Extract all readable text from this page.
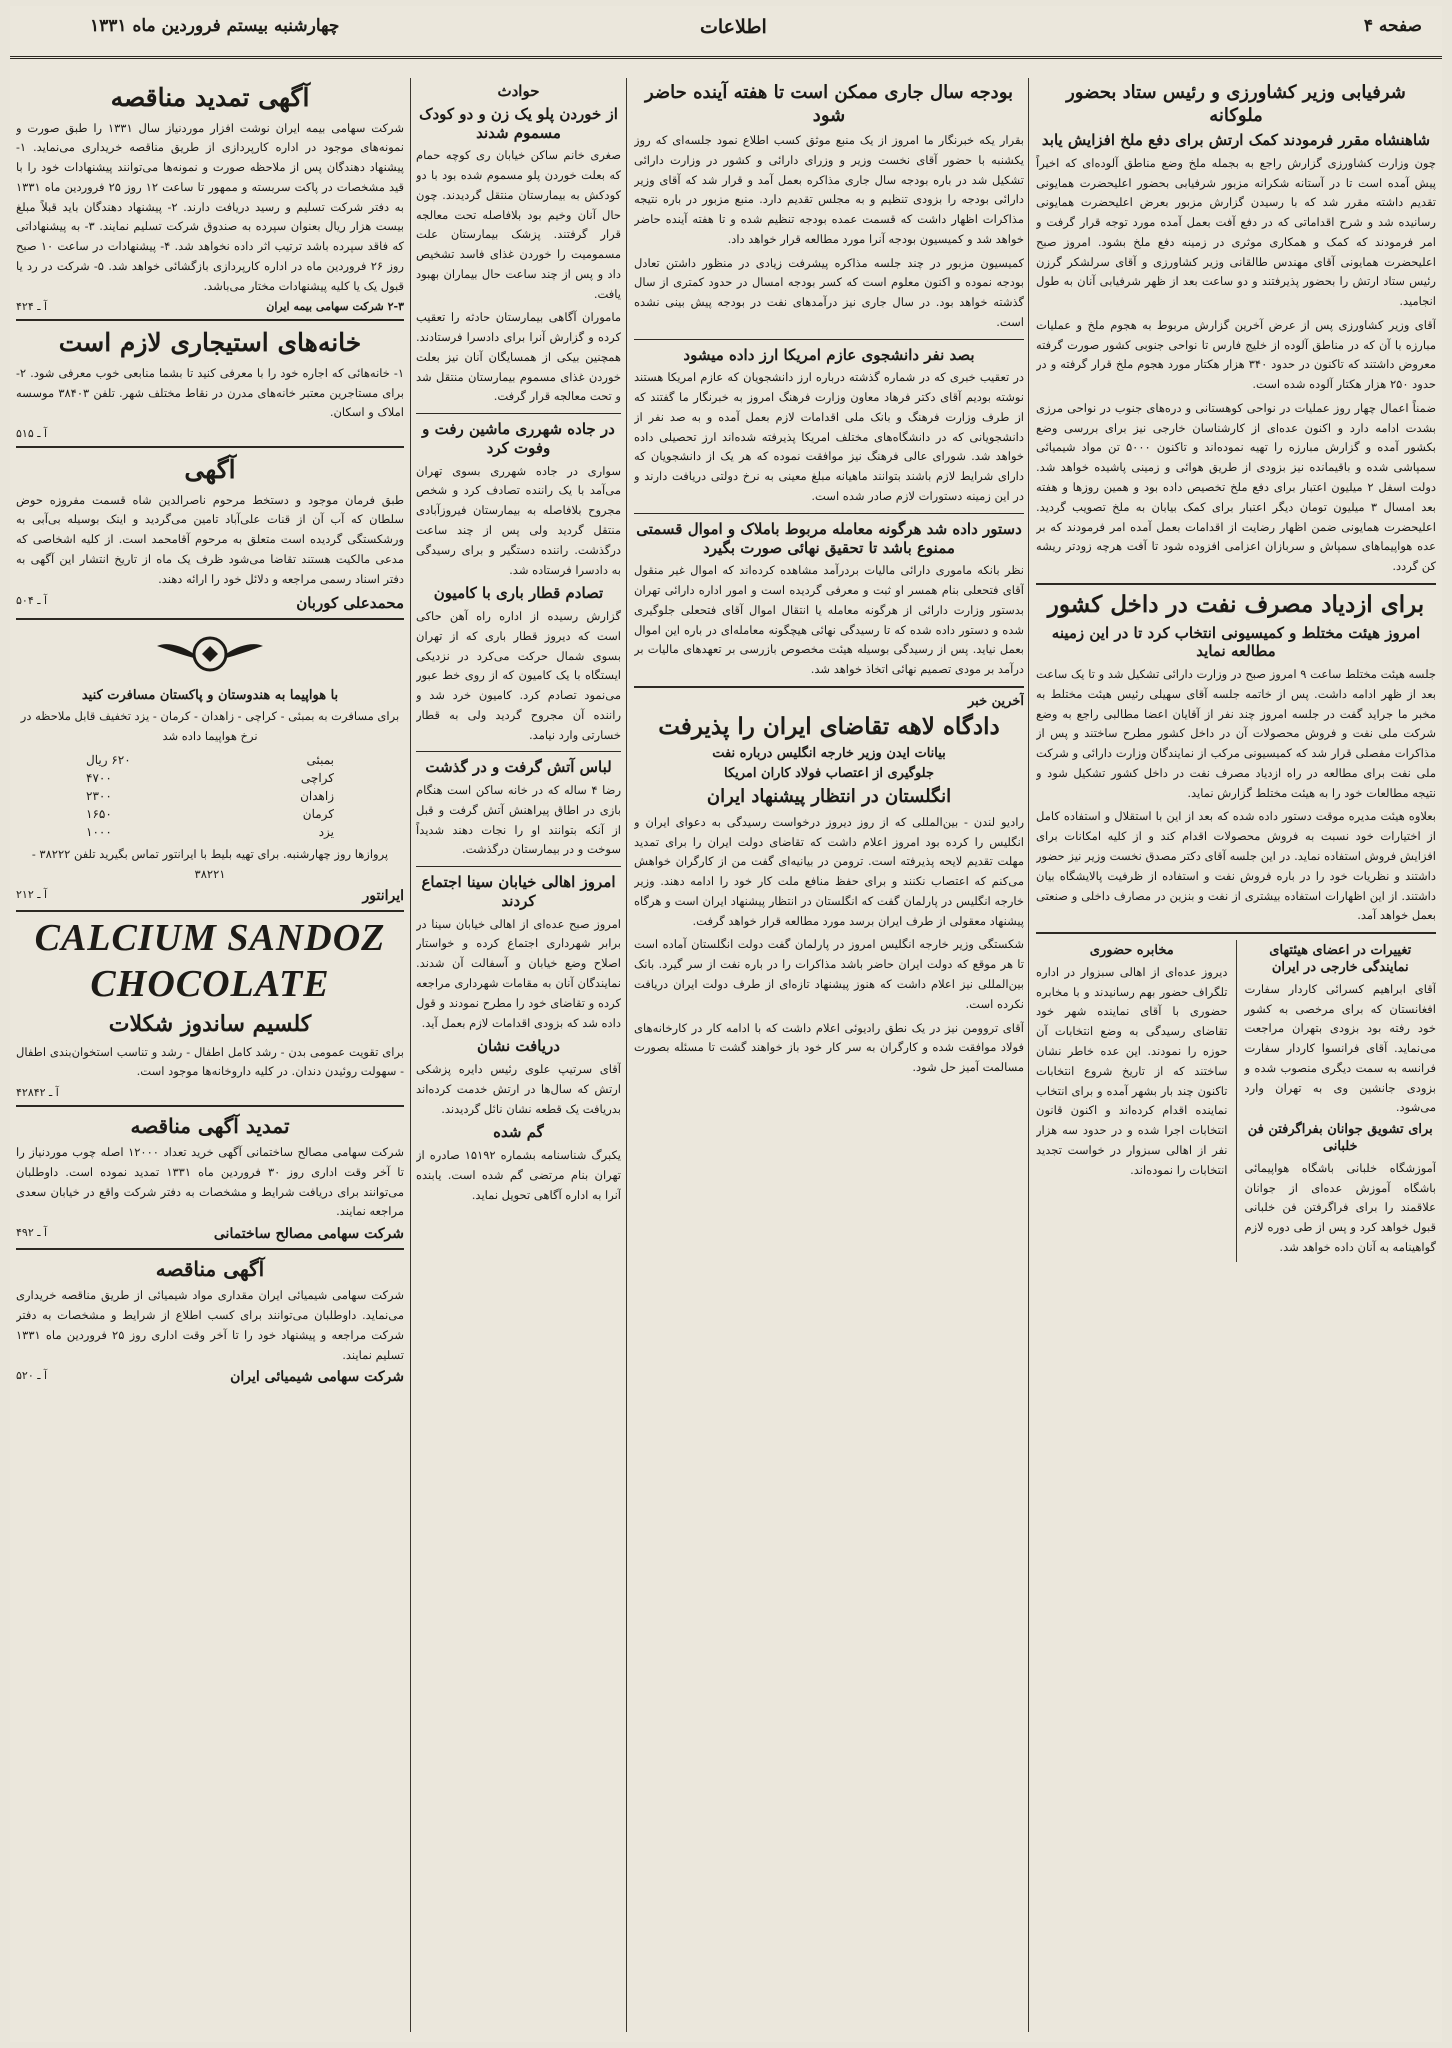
چهارشنبه بیستم فروردین ماه ۱۳۳۱	اطلاعات	صفحه ۴
شرفیابی وزیر کشاورزی و رئیس ستاد بحضور ملوکانه
شاهنشاه مقرر فرمودند کمک ارتش برای دفع ملخ افزایش یابد

چون وزارت کشاورزی گزارش راجع به بجمله ملخ وضع مناطق آلوده‌ای که اخیراً پیش آمده است تا در آستانه شکرانه مزبور شرفیابی بحضور اعلیحضرت همایونی تقدیم داشته مقرر شد که با رسیدن گزارش مزبور بعرض اعلیحضرت همایونی رسانیده شد و شرح اقداماتی که در دفع آفت بعمل آمده مورد توجه قرار گرفت و امر فرمودند که کمک و همکاری موثری در زمینه دفع ملخ بشود. امروز صبح اعلیحضرت همایونی آقای مهندس طالقانی وزیر کشاورزی و آقای سرلشکر گرزن رئیس ستاد ارتش را بحضور پذیرفتند و دو ساعت بعد از ظهر شرفیابی آنان به طول انجامید.

آقای وزیر کشاورزی پس از عرض آخرین گزارش مربوط به هجوم ملخ و عملیات مبارزه با آن که در مناطق آلوده از خلیج فارس تا نواحی جنوبی کشور صورت گرفته معروض داشتند که تاکنون در حدود ۳۴۰ هزار هکتار مورد هجوم ملخ قرار گرفته و در حدود ۲۵۰ هزار هکتار آلوده شده است.

ضمناً اعمال چهار روز عملیات در نواحی کوهستانی و دره‌های جنوب در نواحی مرزی بشدت ادامه دارد و اکنون عده‌ای از کارشناسان خارجی نیز برای بررسی وضع بکشور آمده و گزارش مبارزه را تهیه نموده‌اند و تاکنون ۵۰۰۰ تن مواد شیمیائی سمپاشی شده و باقیمانده نیز بزودی از طریق هوائی و زمینی پاشیده خواهد شد. دولت اسفل ۲ میلیون اعتبار برای دفع ملخ تخصیص داده بود و همین روزها و هفته بعد امسال ۳ میلیون تومان دیگر اعتبار برای کمک بیابان به ملخ تصویب گردید. اعلیحضرت همایونی ضمن اظهار رضایت از اقدامات بعمل آمده امر فرمودند که بر عده هواپیماهای سمپاش و سربازان اعزامی افزوده شود تا آفت هرچه زودتر ریشه کن گردد.

برای ازدیاد مصرف نفت در داخل کشور
امروز هیئت مختلط و کمیسیونی انتخاب کرد تا در این زمینه مطالعه نماید

جلسه هیئت مختلط ساعت ۹ امروز صبح در وزارت دارائی تشکیل شد و تا یک ساعت بعد از ظهر ادامه داشت. پس از خاتمه جلسه آقای سهیلی رئیس هیئت مختلط به مخبر ما جراید گفت در جلسه امروز چند نفر از آقایان اعضا مطالبی راجع به وضع شرکت ملی نفت و فروش محصولات آن در داخل کشور مطرح ساختند و پس از مذاکرات مفصلی قرار شد که کمیسیونی مرکب از نمایندگان وزارت دارائی و شرکت ملی نفت برای مطالعه در راه ازدیاد مصرف نفت در داخل کشور تشکیل شود و نتیجه مطالعات خود را به هیئت مختلط گزارش نماید.

بعلاوه هیئت مدیره موقت دستور داده شده که بعد از این با استقلال و استفاده کامل از اختیارات خود نسبت به فروش محصولات اقدام کند و از کلیه امکانات برای افزایش فروش استفاده نماید. در این جلسه آقای دکتر مصدق نخست وزیر نیز حضور داشتند و نظریات خود را در باره فروش نفت و استفاده از ظرفیت پالایشگاه بیان داشتند. از این اظهارات استفاده بیشتری از نفت و بنزین در مصارف داخلی و صنعتی بعمل خواهد آمد.

تغییرات در اعضای هیئتهای نمایندگی خارجی در ایران

آقای ابراهیم کسرائی کاردار سفارت افغانستان که برای مرخصی به کشور خود رفته بود بزودی بتهران مراجعت می‌نماید. آقای فرانسوا کاردار سفارت فرانسه به سمت دیگری منصوب شده و بزودی جانشین وی به تهران وارد می‌شود.

برای تشویق جوانان بفراگرفتن فن خلبانی

آموزشگاه خلبانی باشگاه هواپیمائی باشگاه آموزش عده‌ای از جوانان علاقمند را برای فراگرفتن فن خلبانی قبول خواهد کرد و پس از طی دوره لازم گواهینامه به آنان داده خواهد شد.

مخابره حضوری

دیروز عده‌ای از اهالی سبزوار در اداره تلگراف حضور بهم رسانیدند و با مخابره حضوری با آقای نماینده شهر خود تقاضای رسیدگی به وضع انتخابات آن حوزه را نمودند. این عده خاطر نشان ساختند که از تاریخ شروع انتخابات تاکنون چند بار بشهر آمده و برای انتخاب نماینده اقدام کرده‌اند و اکنون قانون انتخابات اجرا شده و در حدود سه هزار نفر از اهالی سبزوار در خواست تجدید انتخابات را نموده‌اند.

بودجه سال جاری ممکن است تا هفته آینده حاضر شود

بقرار یکه خبرنگار ما امروز از یک منبع موثق کسب اطلاع نمود جلسه‌ای که روز یکشنبه با حضور آقای نخست وزیر و وزرای دارائی و کشور در وزارت دارائی تشکیل شد در باره بودجه سال جاری مذاکره بعمل آمد و قرار شد که آقای وزیر دارائی بودجه را بزودی تنظیم و به مجلس تقدیم دارد. منبع مزبور در باره نتیجه مذاکرات اظهار داشت که قسمت عمده بودجه تنظیم شده و تا هفته آینده حاضر خواهد شد و کمیسیون بودجه آنرا مورد مطالعه قرار خواهد داد.

کمیسیون مزبور در چند جلسه مذاکره پیشرفت زیادی در منظور داشتن تعادل بودجه نموده و اکنون معلوم است که کسر بودجه امسال در حدود کمتری از سال گذشته خواهد بود. در سال جاری نیز درآمدهای نفت در بودجه پیش بینی نشده است.

بصد نفر دانشجوی عازم امریکا ارز داده میشود

در تعقیب خبری که در شماره گذشته درباره ارز دانشجویان که عازم امریکا هستند نوشته بودیم آقای دکتر فرهاد معاون وزارت فرهنگ امروز به خبرنگار ما گفتند که از طرف وزارت فرهنگ و بانک ملی اقدامات لازم بعمل آمده و به صد نفر از دانشجویانی که در دانشگاه‌های مختلف امریکا پذیرفته شده‌اند ارز تحصیلی داده خواهد شد. شورای عالی فرهنگ نیز موافقت نموده که هر یک از دانشجویان که دارای شرایط لازم باشند بتوانند ماهیانه مبلغ معینی به نرخ دولتی دریافت دارند و در این زمینه دستورات لازم صادر شده است.

دستور داده شد هرگونه معامله مربوط باملاک و اموال قسمتی ممنوع باشد تا تحقیق نهائی صورت بگیرد

نظر بانکه ماموری دارائی مالیات بردرآمد مشاهده کرده‌اند که اموال غیر منقول آقای فتحعلی بنام همسر او ثبت و معرفی گردیده است و امور اداره دارائی تهران بدستور وزارت دارائی از هرگونه معامله یا انتقال اموال آقای فتحعلی جلوگیری شده و دستور داده شده که تا رسیدگی نهائی هیچگونه معامله‌ای در باره این اموال بعمل نیاید. پس از رسیدگی بوسیله هیئت مخصوص بازرسی بر تعهدهای مالیات بر درآمد بر مودی تصمیم نهائی اتخاذ خواهد شد.

آخرین خبر
دادگاه لاهه تقاضای ایران را پذیرفت
بیانات ایدن وزیر خارجه انگلیس درباره نفت
جلوگیری از اعتصاب فولاد کاران امریکا
انگلستان در انتظار پیشنهاد ایران

رادیو لندن - بین‌المللی که از روز دیروز درخواست رسیدگی به دعوای ایران و انگلیس را کرده بود امروز اعلام داشت که تقاضای دولت ایران را برای تمدید مهلت تقدیم لایحه پذیرفته است. ترومن در بیانیه‌ای گفت من از کارگران خواهش می‌کنم که اعتصاب نکنند و برای حفظ منافع ملت کار خود را ادامه دهند. وزیر خارجه انگلیس در پارلمان گفت که انگلستان در انتظار پیشنهاد ایران است و هرگاه پیشنهاد معقولی از طرف ایران برسد مورد مطالعه قرار خواهد گرفت.

شکستگی وزیر خارجه انگلیس امروز در پارلمان گفت دولت انگلستان آماده است تا هر موقع که دولت ایران حاضر باشد مذاکرات را در باره نفت از سر گیرد. بانک بین‌المللی نیز اعلام داشت که هنوز پیشنهاد تازه‌ای از طرف دولت ایران دریافت نکرده است.

آقای تروومن نیز در یک نطق رادیوئی اعلام داشت که با ادامه کار در کارخانه‌های فولاد موافقت شده و کارگران به سر کار خود باز خواهند گشت تا مسئله بصورت مسالمت آمیز حل شود.

حوادث
از خوردن پلو یک زن و دو کودک مسموم شدند

صغری خانم ساکن خیابان ری کوچه حمام که بعلت خوردن پلو مسموم شده بود با دو کودکش به بیمارستان منتقل گردیدند. چون حال آنان وخیم بود بلافاصله تحت معالجه قرار گرفتند. پزشک بیمارستان علت مسمومیت را خوردن غذای فاسد تشخیص داد و پس از چند ساعت حال بیماران بهبود یافت.

ماموران آگاهی بیمارستان حادثه را تعقیب کرده و گزارش آنرا برای دادسرا فرستادند. همچنین بیکی از همسایگان آنان نیز بعلت خوردن غذای مسموم بیمارستان منتقل شد و تحت معالجه قرار گرفت.

در جاده شهرری ماشین رفت و وفوت کرد

سواری در جاده شهرری بسوی تهران می‌آمد با یک راننده تصادف کرد و شخص مجروح بلافاصله به بیمارستان فیروزآبادی منتقل گردید ولی پس از چند ساعت درگذشت. راننده دستگیر و برای رسیدگی به دادسرا فرستاده شد.

تصادم قطار باری با کامیون

گزارش رسیده از اداره راه آهن حاکی است که دیروز قطار باری که از تهران بسوی شمال حرکت می‌کرد در نزدیکی ایستگاه با یک کامیون که از روی خط عبور می‌نمود تصادم کرد. کامیون خرد شد و راننده آن مجروح گردید ولی به قطار خسارتی وارد نیامد.

لباس آتش گرفت و در گذشت

رضا ۴ ساله که در خانه ساکن است هنگام بازی در اطاق پیراهنش آتش گرفت و قبل از آنکه بتوانند او را نجات دهند شدیداً سوخت و در بیمارستان درگذشت.

امروز اهالی خیابان سینا اجتماع کردند

امروز صبح عده‌ای از اهالی خیابان سینا در برابر شهرداری اجتماع کرده و خواستار اصلاح وضع خیابان و آسفالت آن شدند. نمایندگان آنان به مقامات شهرداری مراجعه کرده و تقاضای خود را مطرح نمودند و قول داده شد که بزودی اقدامات لازم بعمل آید.

دریافت نشان

آقای سرتیپ علوی رئیس دایره پزشکی ارتش که سال‌ها در ارتش خدمت کرده‌اند بدریافت یک قطعه نشان نائل گردیدند.

گم شده

یکبرگ شناسنامه بشماره ۱۵۱۹۲ صادره از تهران بنام مرتضی گم شده است. یابنده آنرا به اداره آگاهی تحویل نماید.

آگهی تمدید مناقصه

شرکت سهامی بیمه ایران نوشت افزار موردنیاز سال ۱۳۳۱ را طبق صورت و نمونه‌های موجود در اداره کارپردازی از طریق مناقصه خریداری می‌نماید. ۱- پیشنهاد دهندگان پس از ملاحظه صورت و نمونه‌ها می‌توانند پیشنهادات خود را با قید مشخصات در پاکت سربسته و ممهور تا ساعت ۱۲ روز ۲۵ فروردین ماه ۱۳۳۱ به دفتر شرکت تسلیم و رسید دریافت دارند. ۲- پیشنهاد دهندگان باید قبلاً مبلغ بیست هزار ریال بعنوان سپرده به صندوق شرکت تسلیم نمایند. ۳- به پیشنهاداتی که فاقد سپرده باشد ترتیب اثر داده نخواهد شد. ۴- پیشنهادات در ساعت ۱۰ صبح روز ۲۶ فروردین ماه در اداره کارپردازی بازگشائی خواهد شد. ۵- شرکت در رد یا قبول یک یا کلیه پیشنهادات مختار می‌باشد.

۲-۳ شرکت سهامی بیمه ایران
آ ـ ۴۲۴
خانه‌های استیجاری لازم است

۱- خانه‌هائی که اجاره خود را با معرفی کنید تا بشما منابعی خوب معرفی شود. ۲- برای مستاجرین معتبر خانه‌های مدرن در نقاط مختلف شهر. تلفن ۳۸۴۰۳ موسسه املاک و اسکان.

آ ـ ۵۱۵
آگهی

طبق فرمان موجود و دستخط مرحوم ناصرالدین شاه قسمت مفروزه حوض سلطان که آب آن از قنات علی‌آباد تامین می‌گردید و اینک بوسیله بی‌آبی به ورشکستگی گردیده است متعلق به مرحوم آقامحمد است. از کلیه اشخاصی که مدعی مالکیت هستند تقاضا می‌شود ظرف یک ماه از تاریخ انتشار این آگهی به دفتر اسناد رسمی مراجعه و دلائل خود را ارائه دهند.

محمدعلی کوربان
آ ـ ۵۰۴
با هواپیما به هندوستان و پاکستان مسافرت کنید

برای مسافرت به بمبئی - کراچی - زاهدان - کرمان - یزد تخفیف قابل ملاحظه در نرخ هواپیما داده شد

بمبئی	۶۲۰ ریال
کراچی	۴۷۰۰
زاهدان	۲۳۰۰
کرمان	۱۶۵۰
یزد	۱۰۰۰

پروازها روز چهارشنبه. برای تهیه بلیط با ایرانتور تماس بگیرید تلفن ۳۸۲۲۲ - ۳۸۲۲۱

ایرانتور
آ ـ ۲۱۲
CALCIUM SANDOZ
CHOCOLATE
کلسیم ساندوز شکلات

برای تقویت عمومی بدن - رشد کامل اطفال - رشد و تناسب استخوان‌بندی اطفال - سهولت روئیدن دندان. در کلیه داروخانه‌ها موجود است.

آ ـ ۴۲۸۴۲
تمدید آگهی مناقصه

شرکت سهامی مصالح ساختمانی آگهی خرید تعداد ۱۲۰۰۰ اصله چوب موردنیاز را تا آخر وقت اداری روز ۳۰ فروردین ماه ۱۳۳۱ تمدید نموده است. داوطلبان می‌توانند برای دریافت شرایط و مشخصات به دفتر شرکت واقع در خیابان سعدی مراجعه نمایند.

شرکت سهامی مصالح ساختمانی
آ ـ ۴۹۲
آگهی مناقصه

شرکت سهامی شیمیائی ایران مقداری مواد شیمیائی از طریق مناقصه خریداری می‌نماید. داوطلبان می‌توانند برای کسب اطلاع از شرایط و مشخصات به دفتر شرکت مراجعه و پیشنهاد خود را تا آخر وقت اداری روز ۲۵ فروردین ماه ۱۳۳۱ تسلیم نمایند.

شرکت سهامی شیمیائی ایران
آ ـ ۵۲۰
